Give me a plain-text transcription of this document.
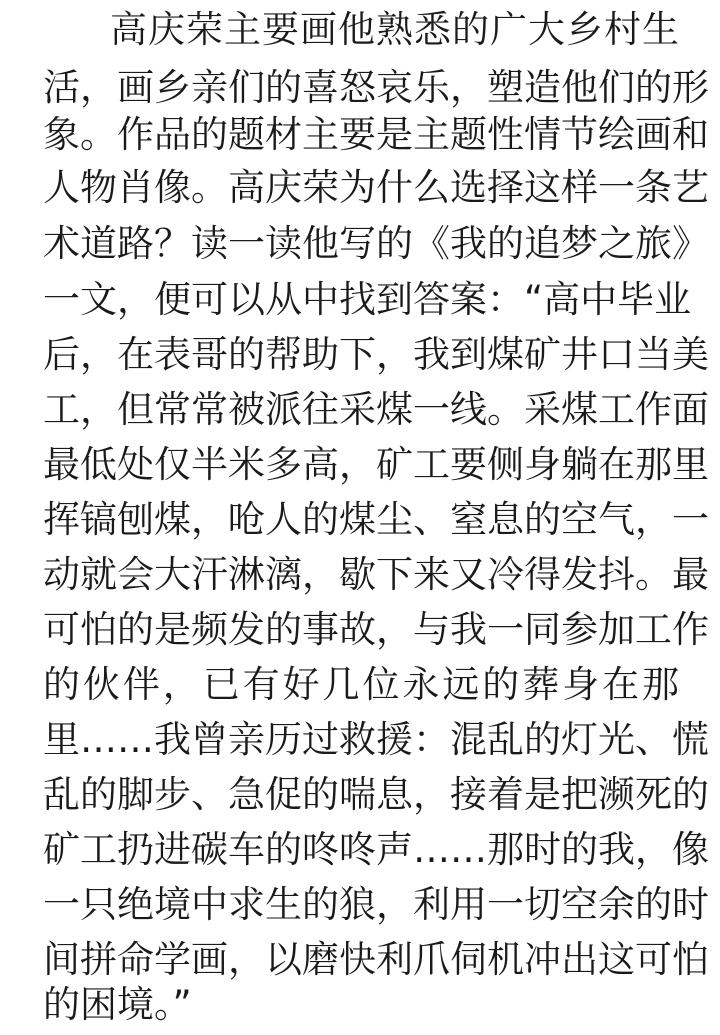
高庆荣主要画他熟悉的广大乡村生
活，画乡亲们的喜怒哀乐，塑造他们的形
象。作品的题材主要是主题性情节绘画和
人物肖像。高庆荣为什么选择这样一条艺
术道路？读一读他写的《我的追梦之旅》
一文，便可以从中找到答案：“高中毕业
后，在表哥的帮助下，我到煤矿井口当美
工，但常常被派往采煤一线。采煤工作面
最低处仅半米多高，矿工要侧身躺在那里
挥镐刨煤，呛人的煤尘、窒息的空气，一
动就会大汗淋漓，歇下来又冷得发抖。最
可怕的是频发的事故，与我一同参加工作
的伙伴，已有好几位永远的葬身在那
里……我曾亲历过救援：混乱的灯光、慌
乱的脚步、急促的喘息，接着是把濒死的
矿工扔进碳车的咚咚声……那时的我，像
一只绝境中求生的狼，利用一切空余的时
间拼命学画，以磨快利爪伺机冲出这可怕
的困境。”
